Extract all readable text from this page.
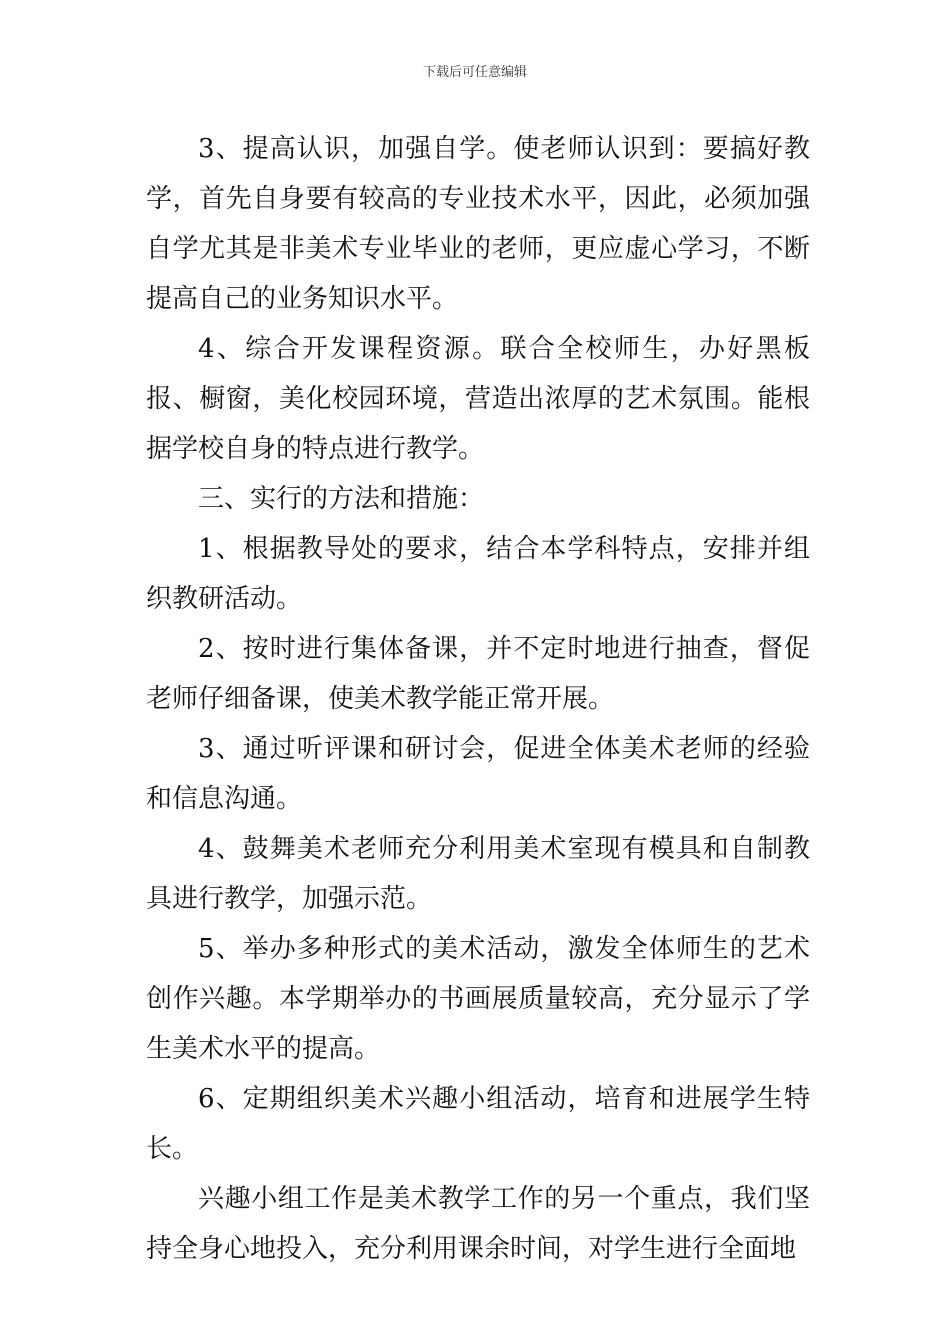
下载后可任意编辑

3、提高认识，加强自学。使老师认识到：要搞好教学，首先自身要有较高的专业技术水平，因此，必须加强自学尤其是非美术专业毕业的老师，更应虚心学习，不断提高自己的业务知识水平。

4、综合开发课程资源。联合全校师生，办好黑板报、橱窗，美化校园环境，营造出浓厚的艺术氛围。能根据学校自身的特点进行教学。

三、实行的方法和措施：

1、根据教导处的要求，结合本学科特点，安排并组织教研活动。

2、按时进行集体备课，并不定时地进行抽查，督促老师仔细备课，使美术教学能正常开展。

3、通过听评课和研讨会，促进全体美术老师的经验和信息沟通。

4、鼓舞美术老师充分利用美术室现有模具和自制教具进行教学，加强示范。

5、举办多种形式的美术活动，激发全体师生的艺术创作兴趣。本学期举办的书画展质量较高，充分显示了学生美术水平的提高。

6、定期组织美术兴趣小组活动，培育和进展学生特长。

兴趣小组工作是美术教学工作的另一个重点，我们坚持全身心地投入，充分利用课余时间，对学生进行全面地
